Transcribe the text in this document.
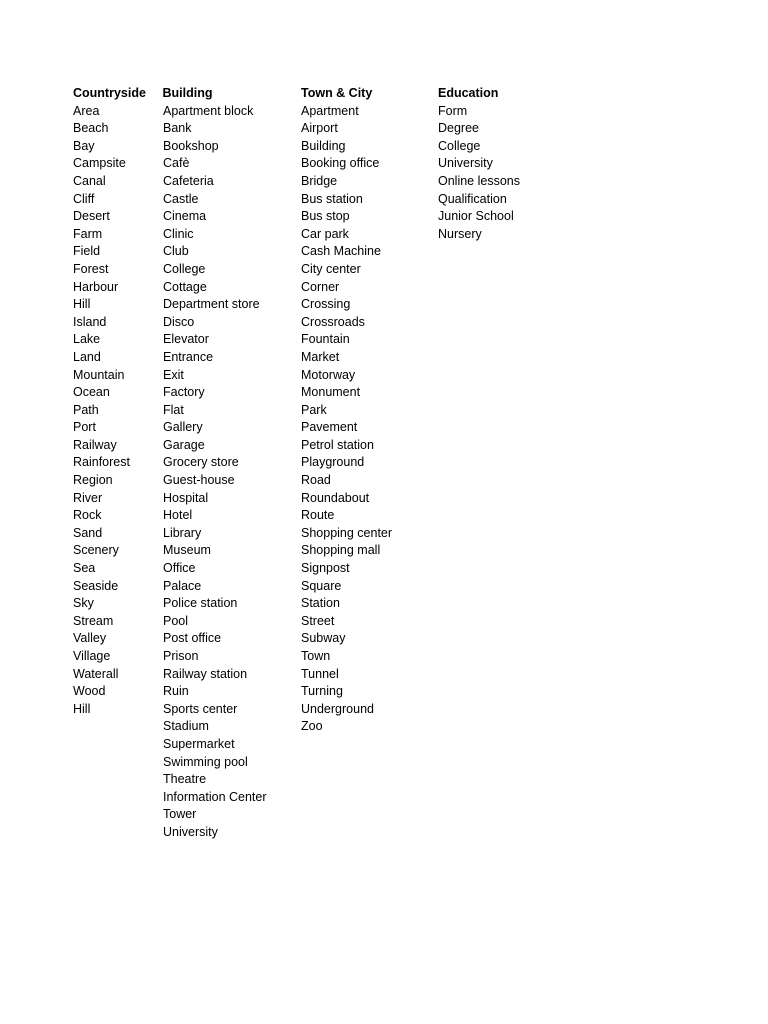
Countryside
Area
Beach
Bay
Campsite
Canal
Cliff
Desert
Farm
Field
Forest
Harbour
Hill
Island
Lake
Land
Mountain
Ocean
Path
Port
Railway
Rainforest
Region
River
Rock
Sand
Scenery
Sea
Seaside
Sky
Stream
Valley
Village
Waterall
Wood
Hill
Building
Apartment block
Bank
Bookshop
Cafè
Cafeteria
Castle
Cinema
Clinic
Club
College
Cottage
Department store
Disco
Elevator
Entrance
Exit
Factory
Flat
Gallery
Garage
Grocery store
Guest-house
Hospital
Hotel
Library
Museum
Office
Palace
Police station
Pool
Post office
Prison
Railway station
Ruin
Sports center
Stadium
Supermarket
Swimming pool
Theatre
Information Center
Tower
University
Town & City
Apartment
Airport
Building
Booking office
Bridge
Bus station
Bus stop
Car park
Cash Machine
City center
Corner
Crossing
Crossroads
Fountain
Market
Motorway
Monument
Park
Pavement
Petrol station
Playground
Road
Roundabout
Route
Shopping center
Shopping mall
Signpost
Square
Station
Street
Subway
Town
Tunnel
Turning
Underground
Zoo
Education
Form
Degree
College
University
Online lessons
Qualification
Junior School
Nursery
